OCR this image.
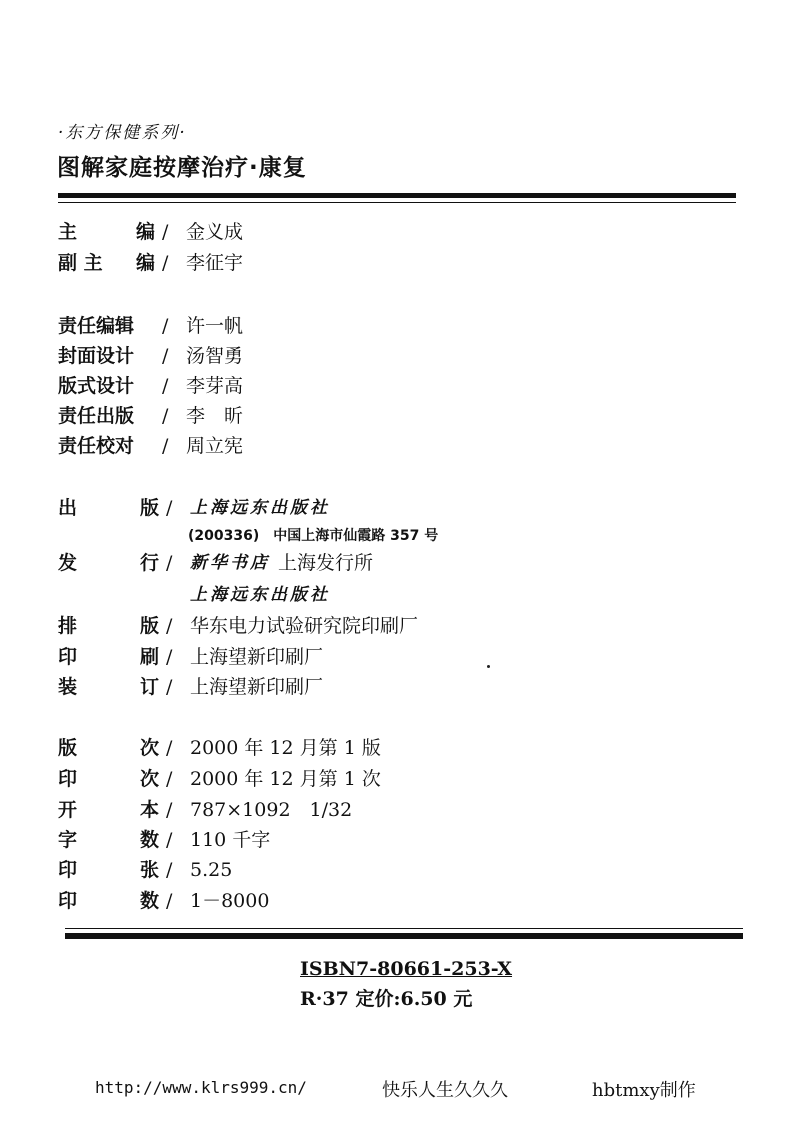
·东方保健系列·
图解家庭按摩治疗·康复
主	编 / 金义成
副 主 编 / 李征宇
责任编辑 / 许一帆
封面设计 / 汤智勇
版式设计 / 李芽高
责任出版 / 李　昕
责任校对 / 周立宪
出	版 / 上海远东出版社
(200336)　中国上海市仙霞路 357 号
发	行 / 新华书店 上海发行所
上海远东出版社
排	版 / 华东电力试验研究院印刷厂
印	刷 / 上海望新印刷厂
装	订 / 上海望新印刷厂
版	次 / 2000 年 12 月第 1 版
印	次 / 2000 年 12 月第 1 次
开	本 / 787×1092　1/32
字	数 / 110 千字
印	张 / 5.25
印	数 / 1－8000
ISBN7-80661-253-X
R·37 定价:6.50 元
http://www.klrs999.cn/	快乐人生久久久	hbtmxy制作
